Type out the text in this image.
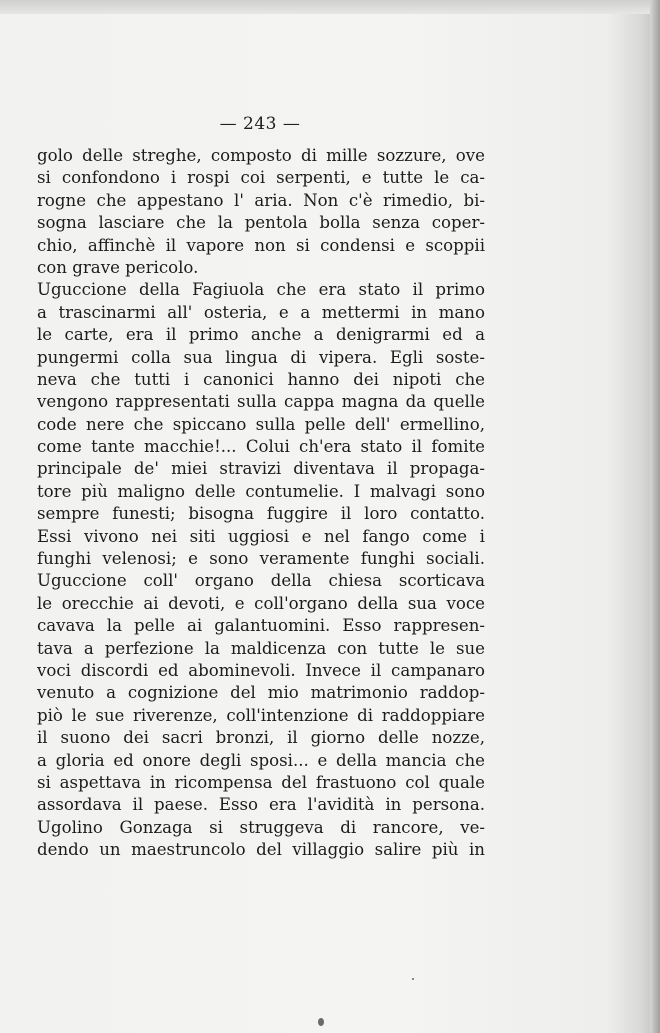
— 243 —
golo delle streghe, composto di mille sozzure, ove
si confondono i rospi coi serpenti, e tutte le ca-
rogne che appestano l' aria. Non c'è rimedio, bi-
sogna lasciare che la pentola bolla senza coper-
chio, affinchè il vapore non si condensi e scoppii
con grave pericolo.
Uguccione della Fagiuola che era stato il primo
a trascinarmi all' osteria, e a mettermi in mano
le carte, era il primo anche a denigrarmi ed a
pungermi colla sua lingua di vipera. Egli soste-
neva che tutti i canonici hanno dei nipoti che
vengono rappresentati sulla cappa magna da quelle
code nere che spiccano sulla pelle dell' ermellino,
come tante macchie!... Colui ch'era stato il fomite
principale de' miei stravizi diventava il propaga-
tore più maligno delle contumelie. I malvagi sono
sempre funesti; bisogna fuggire il loro contatto.
Essi vivono nei siti uggiosi e nel fango come i
funghi velenosi; e sono veramente funghi sociali.
Uguccione coll' organo della chiesa scorticava
le orecchie ai devoti, e coll'organo della sua voce
cavava la pelle ai galantuomini. Esso rappresen-
tava a perfezione la maldicenza con tutte le sue
voci discordi ed abominevoli. Invece il campanaro
venuto a cognizione del mio matrimonio raddop-
piò le sue riverenze, coll'intenzione di raddoppiare
il suono dei sacri bronzi, il giorno delle nozze,
a gloria ed onore degli sposi... e della mancia che
si aspettava in ricompensa del frastuono col quale
assordava il paese. Esso era l'avidità in persona.
Ugolino Gonzaga si struggeva di rancore, ve-
dendo un maestruncolo del villaggio salire più in
